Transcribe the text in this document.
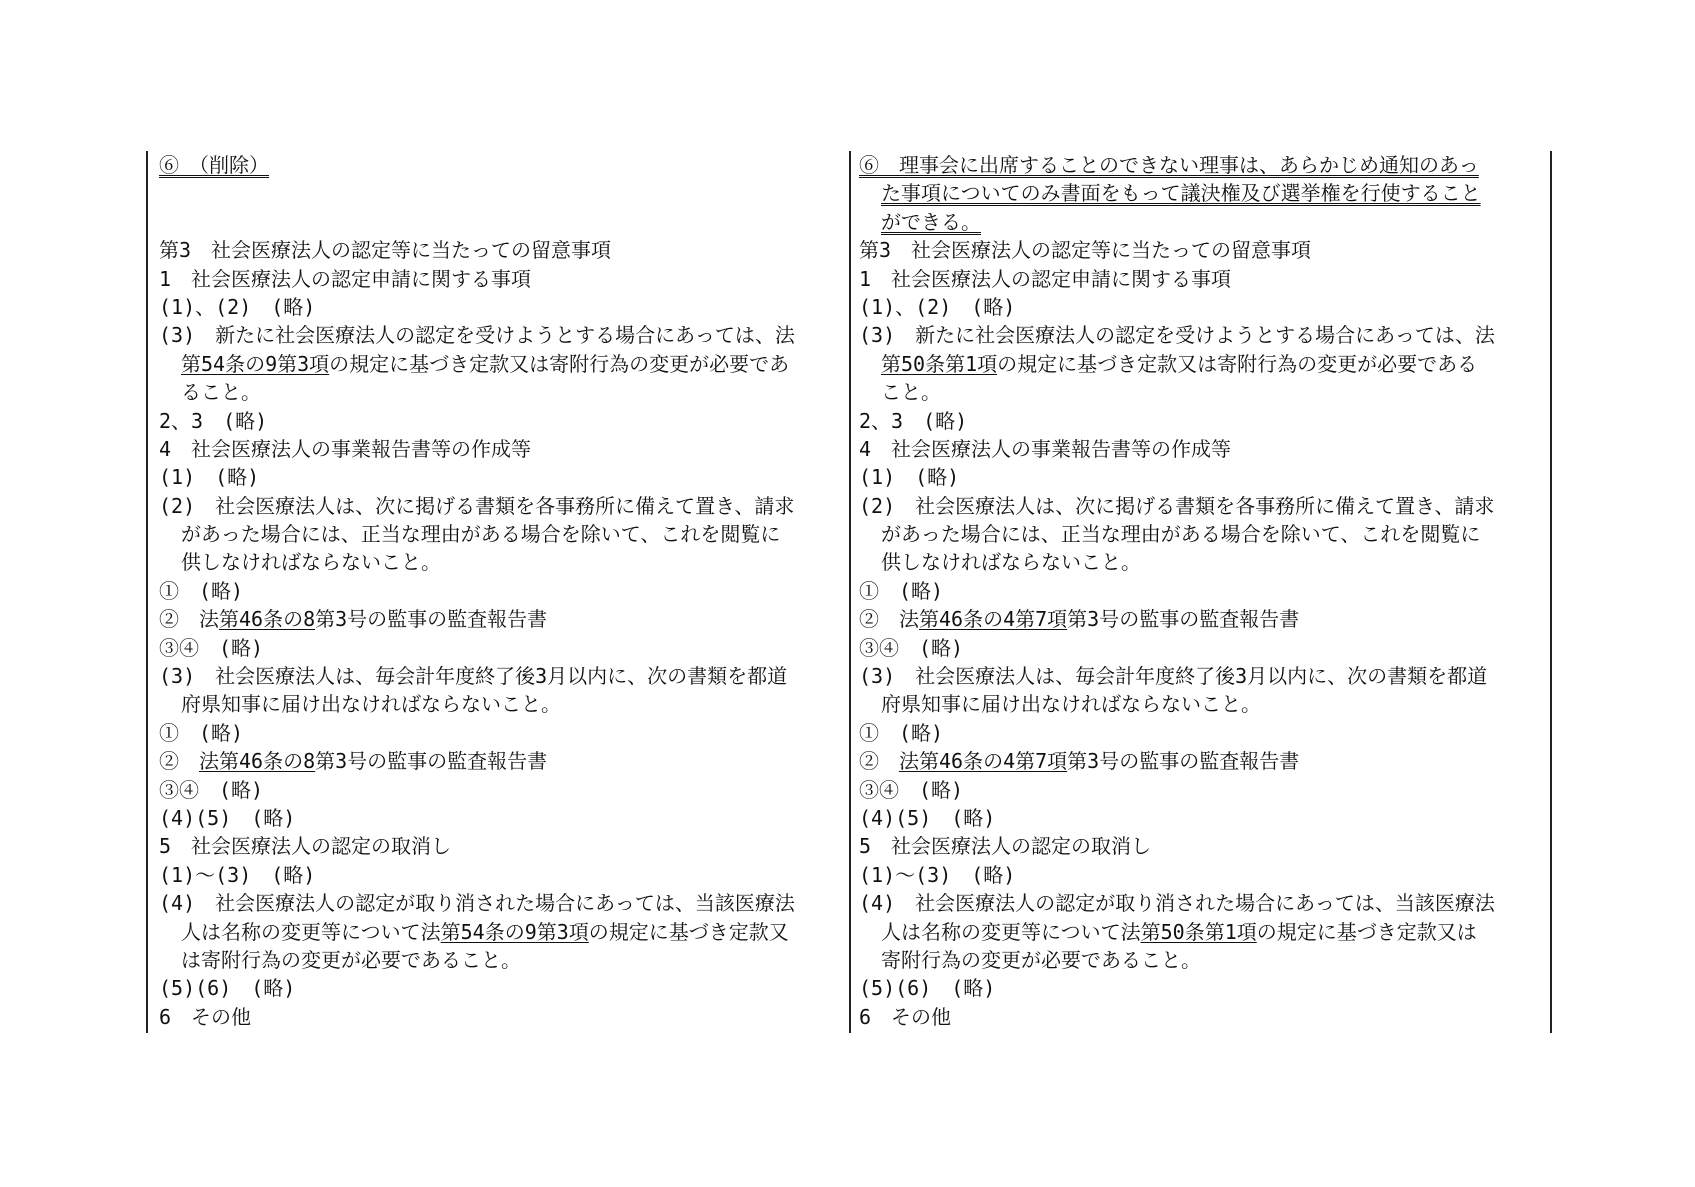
⑥　（削除）
第3　社会医療法人の認定等に当たっての留意事項
1　社会医療法人の認定申請に関する事項
(1)、(2)　(略)
(3)　新たに社会医療法人の認定を受けようとする場合にあっては、法
第54条の9第3項の規定に基づき定款又は寄附行為の変更が必要であ
ること。
2、3　(略)
4　社会医療法人の事業報告書等の作成等
(1)　(略)
(2)　社会医療法人は、次に掲げる書類を各事務所に備えて置き、請求
があった場合には、正当な理由がある場合を除いて、これを閲覧に
供しなければならないこと。
①　(略)
②　法第46条の8第3号の監事の監査報告書
③④　(略)
(3)　社会医療法人は、毎会計年度終了後3月以内に、次の書類を都道
府県知事に届け出なければならないこと。
①　(略)
②　法第46条の8第3号の監事の監査報告書
③④　(略)
(4)(5)　(略)
5　社会医療法人の認定の取消し
(1)～(3)　(略)
(4)　社会医療法人の認定が取り消された場合にあっては、当該医療法
人は名称の変更等について法第54条の9第3項の規定に基づき定款又
は寄附行為の変更が必要であること。
(5)(6)　(略)
6　その他
⑥　理事会に出席することのできない理事は、あらかじめ通知のあっ
た事項についてのみ書面をもって議決権及び選挙権を行使すること
ができる。
第3　社会医療法人の認定等に当たっての留意事項
1　社会医療法人の認定申請に関する事項
(1)、(2)　(略)
(3)　新たに社会医療法人の認定を受けようとする場合にあっては、法
第50条第1項の規定に基づき定款又は寄附行為の変更が必要である
こと。
2、3　(略)
4　社会医療法人の事業報告書等の作成等
(1)　(略)
(2)　社会医療法人は、次に掲げる書類を各事務所に備えて置き、請求
があった場合には、正当な理由がある場合を除いて、これを閲覧に
供しなければならないこと。
①　(略)
②　法第46条の4第7項第3号の監事の監査報告書
③④　(略)
(3)　社会医療法人は、毎会計年度終了後3月以内に、次の書類を都道
府県知事に届け出なければならないこと。
①　(略)
②　法第46条の4第7項第3号の監事の監査報告書
③④　(略)
(4)(5)　(略)
5　社会医療法人の認定の取消し
(1)～(3)　(略)
(4)　社会医療法人の認定が取り消された場合にあっては、当該医療法
人は名称の変更等について法第50条第1項の規定に基づき定款又は
寄附行為の変更が必要であること。
(5)(6)　(略)
6　その他
